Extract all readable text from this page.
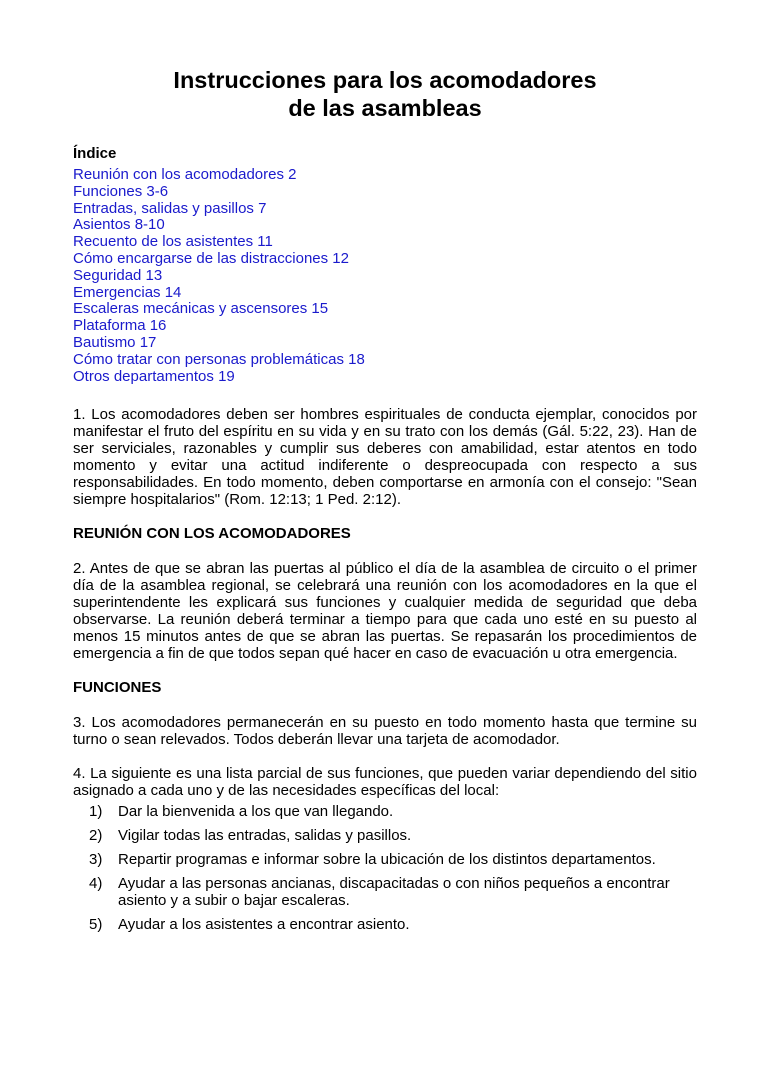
Instrucciones para los acomodadores
de las asambleas
Índice
Reunión con los acomodadores 2
Funciones 3-6
Entradas, salidas y pasillos 7
Asientos 8-10
Recuento de los asistentes 11
Cómo encargarse de las distracciones 12
Seguridad 13
Emergencias 14
Escaleras mecánicas y ascensores 15
Plataforma 16
Bautismo 17
Cómo tratar con personas problemáticas 18
Otros departamentos 19

1. Los acomodadores deben ser hombres espirituales de conducta ejemplar, conocidos por manifestar el fruto del espíritu en su vida y en su trato con los demás (Gál. 5:22, 23). Han de ser serviciales, razonables y cumplir sus deberes con amabilidad, estar atentos en todo momento y evitar una actitud indiferente o despreocupada con respecto a sus responsabilidades. En todo momento, deben comportarse en armonía con el consejo: "Sean siempre hospitalarios" (Rom. 12:13; 1 Ped. 2:12).

REUNIÓN CON LOS ACOMODADORES

2. Antes de que se abran las puertas al público el día de la asamblea de circuito o el primer día de la asamblea regional, se celebrará una reunión con los acomodadores en la que el superintendente les explicará sus funciones y cualquier medida de seguridad que deba observarse. La reunión deberá terminar a tiempo para que cada uno esté en su puesto al menos 15 minutos antes de que se abran las puertas. Se repasarán los procedimientos de emergencia a fin de que todos sepan qué hacer en caso de evacuación u otra emergencia.

FUNCIONES

3. Los acomodadores permanecerán en su puesto en todo momento hasta que termine su turno o sean relevados. Todos deberán llevar una tarjeta de acomodador.

4. La siguiente es una lista parcial de sus funciones, que pueden variar dependiendo del sitio asignado a cada uno y de las necesidades específicas del local:

1) Dar la bienvenida a los que van llegando.
2) Vigilar todas las entradas, salidas y pasillos.
3) Repartir programas e informar sobre la ubicación de los distintos departamentos.
4) Ayudar a las personas ancianas, discapacitadas o con niños pequeños a encontrar asiento y a subir o bajar escaleras.
5) Ayudar a los asistentes a encontrar asiento.
